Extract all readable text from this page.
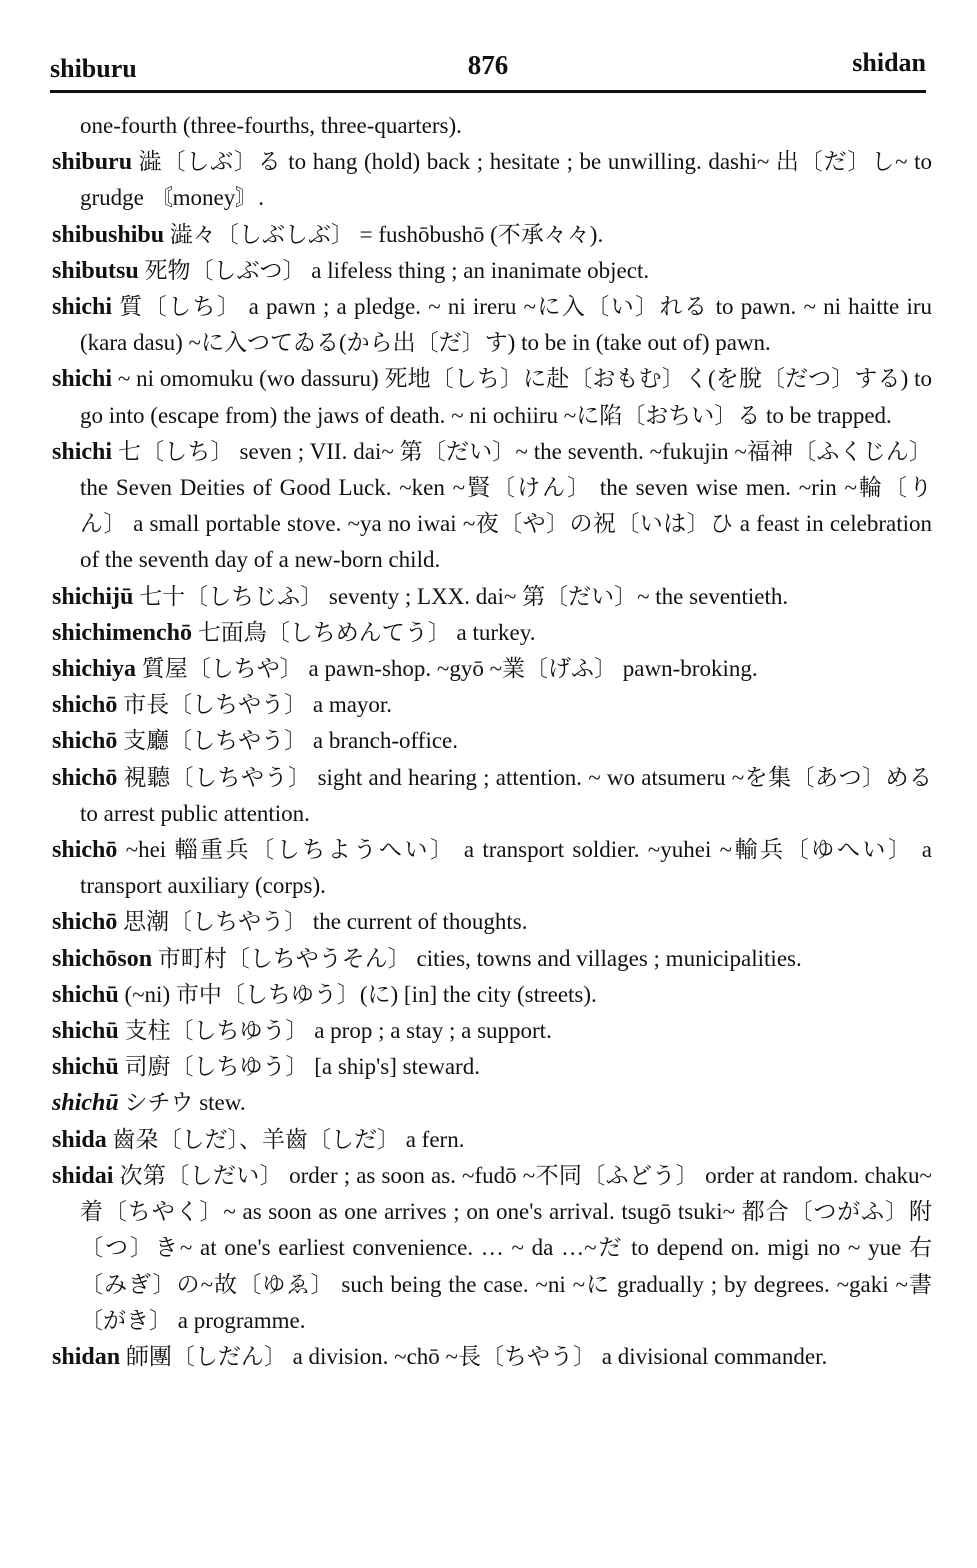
shiburu	876	shidan

one-fourth (three-fourths, three-quarters).

shiburu 澁〔しぶ〕る to hang (hold) back ; hesitate ; be unwilling. dashi~ 出〔だ〕し~ to grudge 〘money〙.

shibushibu 澁々〔しぶしぶ〕 = fushōbushō (不承々々).

shibutsu 死物〔しぶつ〕 a lifeless thing ; an inanimate object.

shichi 質〔しち〕 a pawn ; a pledge. ~ ni ireru ~に入〔い〕れる to pawn. ~ ni haitte iru (kara dasu) ~に入つてゐる(から出〔だ〕す) to be in (take out of) pawn.

shichi ~ ni omomuku (wo dassuru) 死地〔しち〕に赴〔おもむ〕く(を脫〔だつ〕する) to go into (escape from) the jaws of death. ~ ni ochiiru ~に陷〔おちい〕る to be trapped.

shichi 七〔しち〕 seven ; VII. dai~ 第〔だい〕~ the seventh. ~fukujin ~福神〔ふくじん〕 the Seven Deities of Good Luck. ~ken ~賢〔けん〕 the seven wise men. ~rin ~輪〔りん〕 a small portable stove. ~ya no iwai ~夜〔や〕の祝〔いは〕ひ a feast in celebration of the seventh day of a new-born child.

shichijū 七十〔しちじふ〕 seventy ; LXX. dai~ 第〔だい〕~ the seventieth.

shichimenchō 七面鳥〔しちめんてう〕 a turkey.

shichiya 質屋〔しちや〕 a pawn-shop. ~gyō ~業〔げふ〕 pawn-broking.

shichō 市長〔しちやう〕 a mayor.

shichō 支廳〔しちやう〕 a branch-office.

shichō 視聽〔しちやう〕 sight and hearing ; attention. ~ wo atsumeru ~を集〔あつ〕める to arrest public attention.

shichō ~hei 輜重兵〔しちようへい〕 a transport soldier. ~yuhei ~輸兵〔ゆへい〕 a transport auxiliary (corps).

shichō 思潮〔しちやう〕 the current of thoughts.

shichōson 市町村〔しちやうそん〕 cities, towns and villages ; municipalities.

shichū (~ni) 市中〔しちゆう〕(に) [in] the city (streets).

shichū 支柱〔しちゆう〕 a prop ; a stay ; a support.

shichū 司廚〔しちゆう〕 [a ship's] steward.

shichū シチウ stew.

shida 齒朶〔しだ〕、羊齒〔しだ〕 a fern.

shidai 次第〔しだい〕 order ; as soon as. ~fudō ~不同〔ふどう〕 order at random. chaku~ 着〔ちやく〕~ as soon as one arrives ; on one's arrival. tsugō tsuki~ 都合〔つがふ〕附〔つ〕き~ at one's earliest convenience. … ~ da …~だ to depend on. migi no ~ yue 右〔みぎ〕の~故〔ゆゑ〕 such being the case. ~ni ~に gradually ; by degrees. ~gaki ~書〔がき〕 a programme.

shidan 師團〔しだん〕 a division. ~chō ~長〔ちやう〕 a divisional commander.
